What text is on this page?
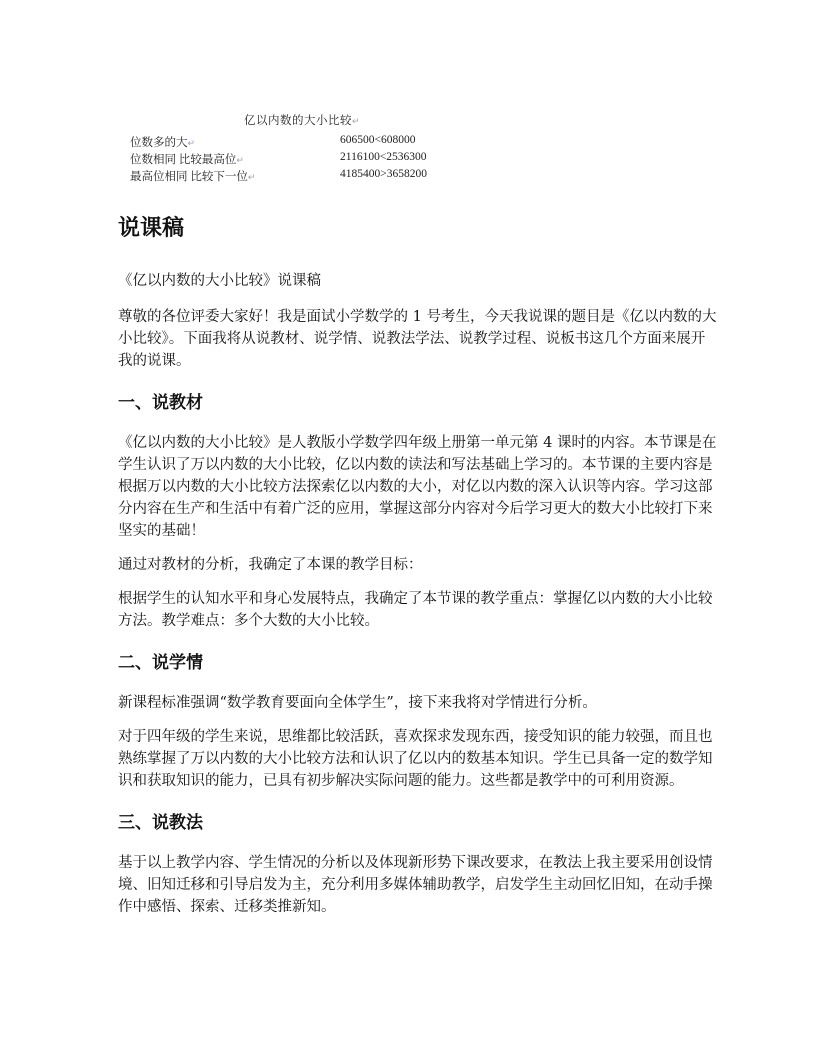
亿以内数的大小比较↵
位数多的大↵	606500<608000
位数相同 比较最高位↵	2116100<2536300
最高位相同 比较下一位↵	4185400>3658200
说课稿

《亿以内数的大小比较》说课稿

尊敬的各位评委大家好！我是面试小学数学的 1 号考生，今天我说课的题目是《亿以内数的大小比较》。下面我将从说教材、说学情、说教法学法、说教学过程、说板书这几个方面来展开我的说课。

一、说教材

《亿以内数的大小比较》是人教版小学数学四年级上册第一单元第 4 课时的内容。本节课是在学生认识了万以内数的大小比较，亿以内数的读法和写法基础上学习的。本节课的主要内容是根据万以内数的大小比较方法探索亿以内数的大小，对亿以内数的深入认识等内容。学习这部分内容在生产和生活中有着广泛的应用，掌握这部分内容对今后学习更大的数大小比较打下来坚实的基础！

通过对教材的分析，我确定了本课的教学目标：

根据学生的认知水平和身心发展特点，我确定了本节课的教学重点：掌握亿以内数的大小比较方法。教学难点：多个大数的大小比较。

二、说学情

新课程标准强调“数学教育要面向全体学生”，接下来我将对学情进行分析。

对于四年级的学生来说，思维都比较活跃，喜欢探求发现东西，接受知识的能力较强，而且也熟练掌握了万以内数的大小比较方法和认识了亿以内的数基本知识。学生已具备一定的数学知识和获取知识的能力，已具有初步解决实际问题的能力。这些都是教学中的可利用资源。

三、说教法

基于以上教学内容、学生情况的分析以及体现新形势下课改要求，在教法上我主要采用创设情境、旧知迁移和引导启发为主，充分利用多媒体辅助教学，启发学生主动回忆旧知，在动手操作中感悟、探索、迁移类推新知。
